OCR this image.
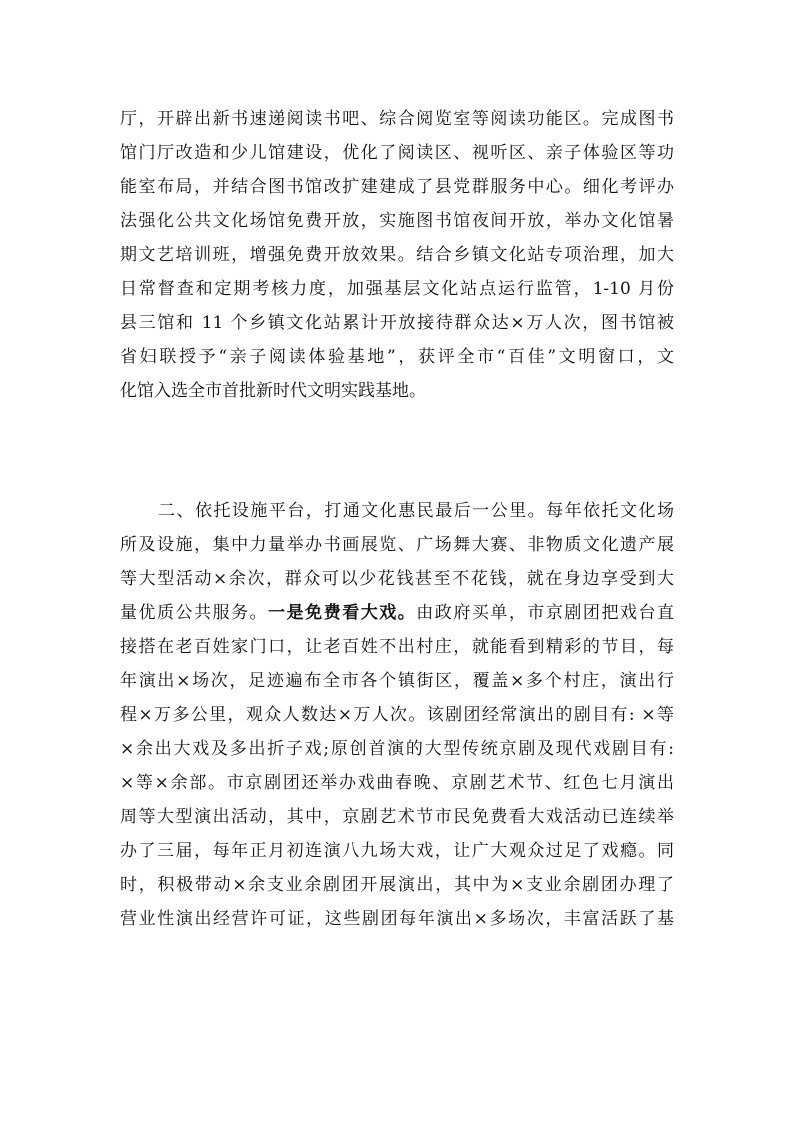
厅，开辟出新书速递阅读书吧、综合阅览室等阅读功能区。完成图书
馆门厅改造和少儿馆建设，优化了阅读区、视听区、亲子体验区等功
能室布局，并结合图书馆改扩建建成了县党群服务中心。细化考评办
法强化公共文化场馆免费开放，实施图书馆夜间开放，举办文化馆暑
期文艺培训班，增强免费开放效果。结合乡镇文化站专项治理，加大
日常督查和定期考核力度，加强基层文化站点运行监管，1-10 月份
县三馆和 11 个乡镇文化站累计开放接待群众达×万人次，图书馆被
省妇联授予“亲子阅读体验基地”，获评全市“百佳”文明窗口，文
化馆入选全市首批新时代文明实践基地。
二、依托设施平台，打通文化惠民最后一公里。每年依托文化场
所及设施，集中力量举办书画展览、广场舞大赛、非物质文化遗产展
等大型活动×余次，群众可以少花钱甚至不花钱，就在身边享受到大
量优质公共服务。一是免费看大戏。由政府买单，市京剧团把戏台直
接搭在老百姓家门口，让老百姓不出村庄，就能看到精彩的节目，每
年演出×场次，足迹遍布全市各个镇街区，覆盖×多个村庄，演出行
程×万多公里，观众人数达×万人次。该剧团经常演出的剧目有: ×等
×余出大戏及多出折子戏;原创首演的大型传统京剧及现代戏剧目有:
×等×余部。市京剧团还举办戏曲春晚、京剧艺术节、红色七月演出
周等大型演出活动，其中，京剧艺术节市民免费看大戏活动已连续举
办了三届，每年正月初连演八九场大戏，让广大观众过足了戏瘾。同
时，积极带动×余支业余剧团开展演出，其中为×支业余剧团办理了
营业性演出经营许可证，这些剧团每年演出×多场次，丰富活跃了基
